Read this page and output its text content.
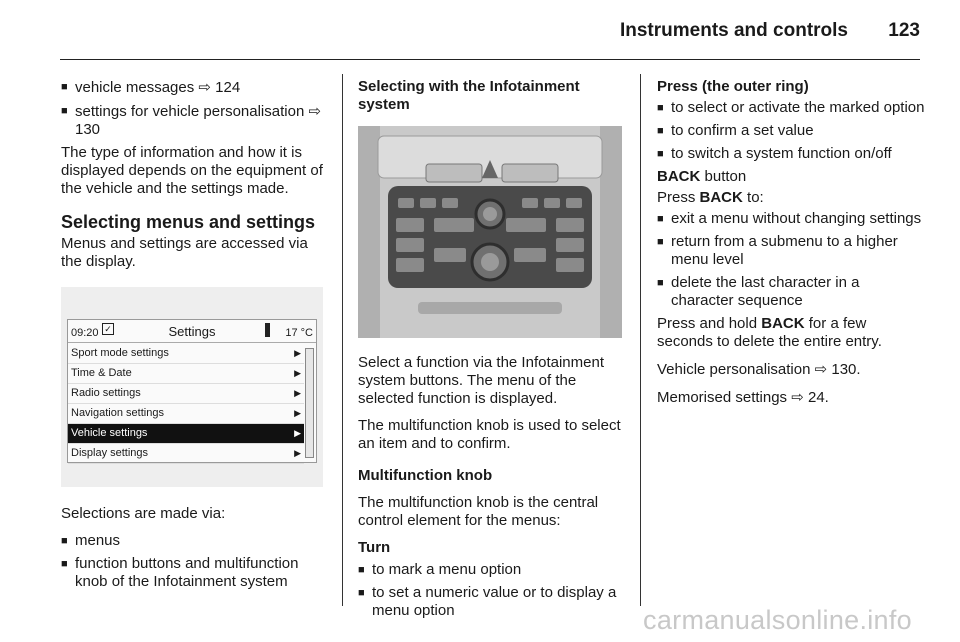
Instruments and controls 123
■ vehicle messages ⇨ 124
■ settings for vehicle personalisation ⇨ 130

The type of information and how it is displayed depends on the equipment of the vehicle and the settings made.

Selecting menus and settings

Menus and settings are accessed via the display.

09:20 ✓	Settings	17 °C
Sport mode settings	▶
Time & Date	▶
Radio settings	▶
Navigation settings	▶
Vehicle settings	▶
Display settings	▶

Selections are made via:

■ menus
■ function buttons and multifunction knob of the Infotainment system

Selecting with the Infotainment system

Select a function via the Infotainment system buttons. The menu of the selected function is displayed.

The multifunction knob is used to select an item and to confirm.

Multifunction knob

The multifunction knob is the central control element for the menus:

Turn

■ to mark a menu option
■ to set a numeric value or to display a menu option

Press (the outer ring)

■ to select or activate the marked option
■ to confirm a set value
■ to switch a system function on/off

BACK button

Press BACK to:

■ exit a menu without changing settings
■ return from a submenu to a higher menu level
■ delete the last character in a character sequence

Press and hold BACK for a few seconds to delete the entire entry.

Vehicle personalisation ⇨ 130.

Memorised settings ⇨ 24.

carmanualsonline.info
